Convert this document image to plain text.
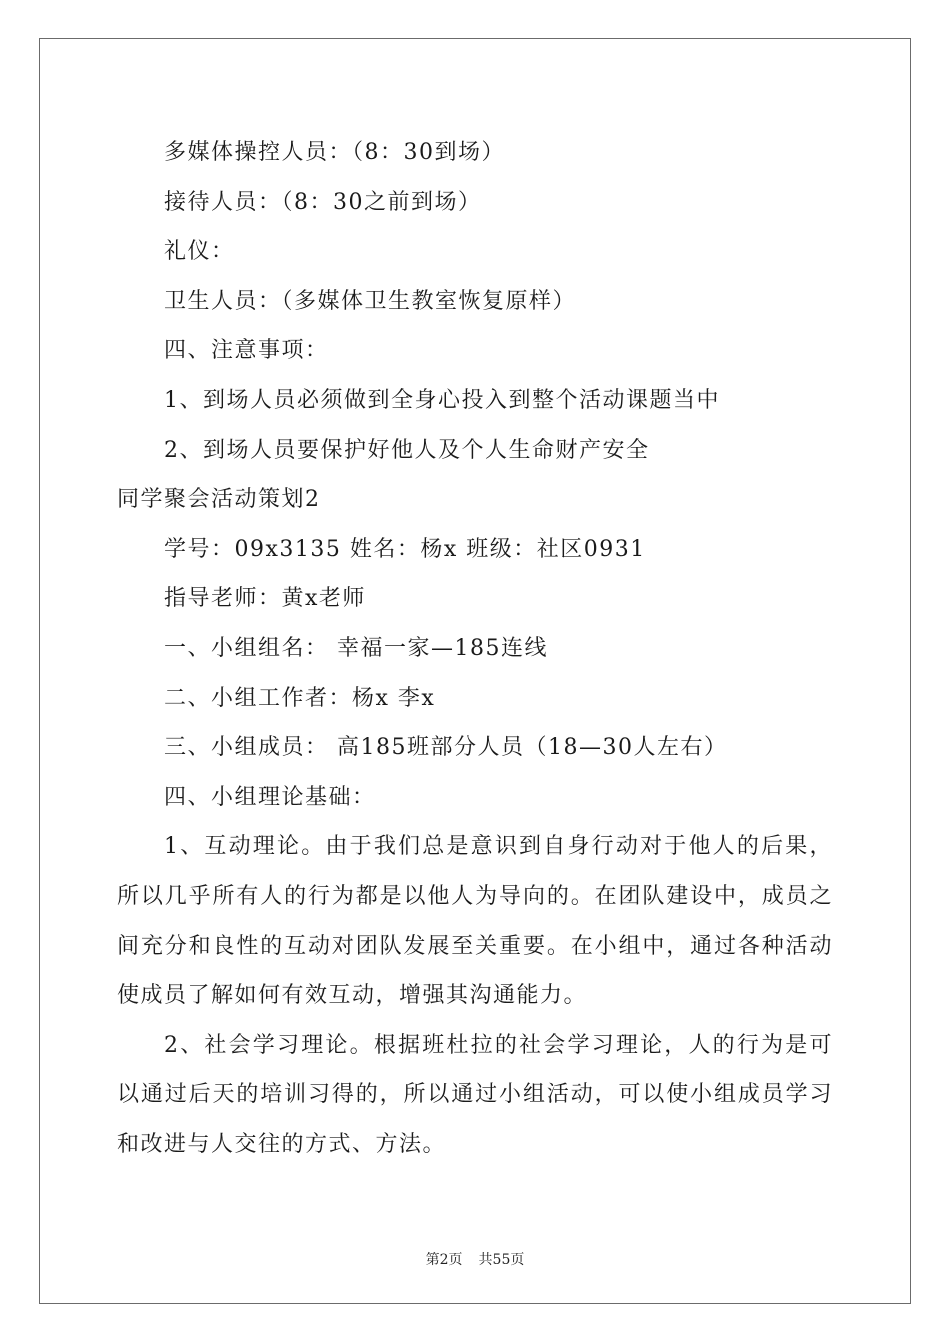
多媒体操控人员：（8：30到场）
接待人员：（8：30之前到场）
礼仪：
卫生人员：（多媒体卫生教室恢复原样）
四、注意事项：
1、到场人员必须做到全身心投入到整个活动课题当中
2、到场人员要保护好他人及个人生命财产安全
同学聚会活动策划2
学号：09x3135 姓名：杨x 班级：社区0931
指导老师：黄x老师
一、小组组名： 幸福一家—185连线
二、小组工作者：杨x 李x
三、小组成员： 高185班部分人员（18—30人左右）
四、小组理论基础：
1、互动理论。由于我们总是意识到自身行动对于他人的后果，所以几乎所有人的行为都是以他人为导向的。在团队建设中，成员之间充分和良性的互动对团队发展至关重要。在小组中，通过各种活动使成员了解如何有效互动，增强其沟通能力。
2、社会学习理论。根据班杜拉的社会学习理论，人的行为是可以通过后天的培训习得的，所以通过小组活动，可以使小组成员学习和改进与人交往的方式、方法。
第2页 共55页
